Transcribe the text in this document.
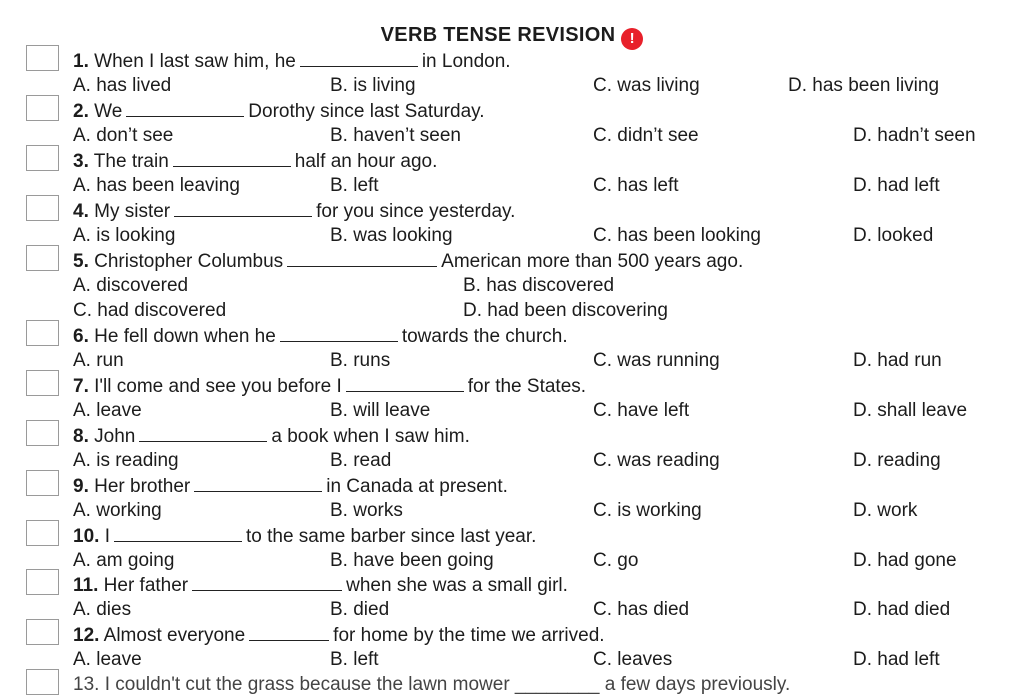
VERB TENSE REVISION !
1. When I last saw him, he	in London.
A. has lived	B. is living	C. was living	D. has been living
2. We	Dorothy since last Saturday.
A. don’t see	B. haven’t seen	C. didn’t see	D. hadn’t seen
3. The train	half an hour ago.
A. has been leaving	B. left	C. has left	D. had left
4. My sister	for you since yesterday.
A. is looking	B. was looking	C. has been looking	D. looked
5. Christopher Columbus	American more than 500 years ago.
A. discovered	B. has discovered
C. had discovered	D. had been discovering
6. He fell down when he	towards the church.
A. run	B. runs	C. was running	D. had run
7. I'll come and see you before I	for the States.
A. leave	B. will leave	C. have left	D. shall leave
8. John	a book when I saw him.
A. is reading	B. read	C. was reading	D. reading
9. Her brother	in Canada at present.
A. working	B. works	C. is working	D. work
10. I	to the same barber since last year.
A. am going	B. have been going	C. go	D. had gone
11. Her father	when she was a small girl.
A. dies	B. died	C. has died	D. had died
12. Almost everyone	for home by the time we arrived.
A. leave	B. left	C. leaves	D. had left
13. I couldn't cut the grass because the lawn mower ________ a few days previously.
